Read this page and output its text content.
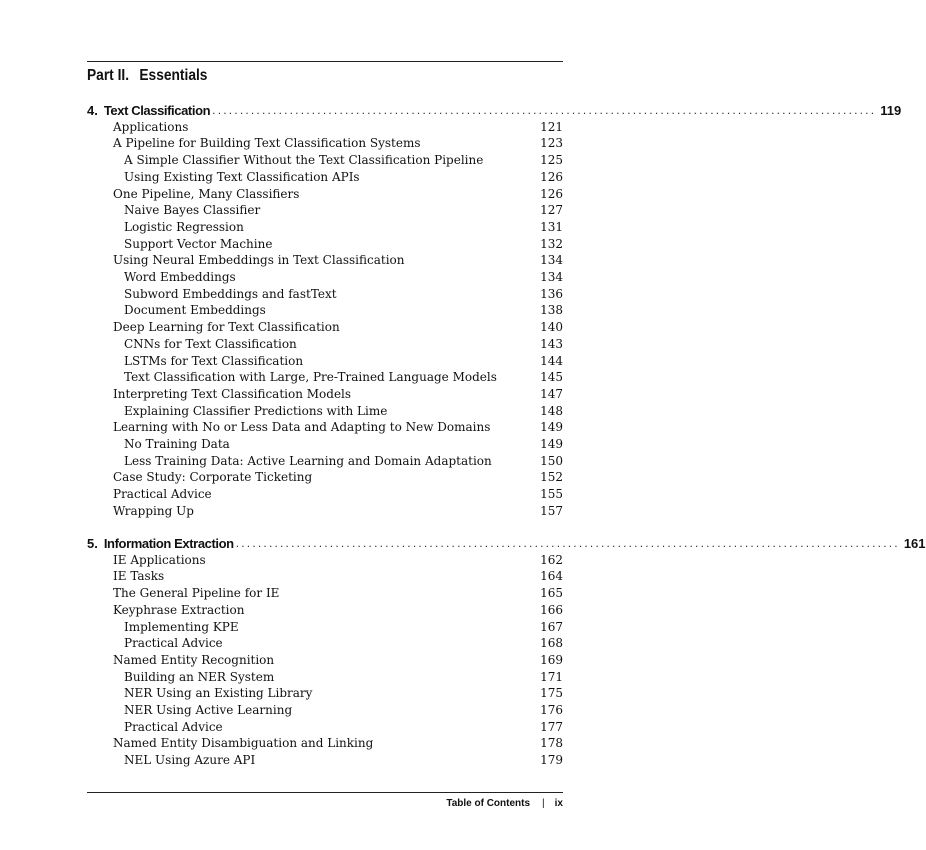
Part II. Essentials
4. Text Classification ........................................................................................................................ 119
Applications	121
A Pipeline for Building Text Classification Systems	123
A Simple Classifier Without the Text Classification Pipeline	125
Using Existing Text Classification APIs	126
One Pipeline, Many Classifiers	126
Naive Bayes Classifier	127
Logistic Regression	131
Support Vector Machine	132
Using Neural Embeddings in Text Classification	134
Word Embeddings	134
Subword Embeddings and fastText	136
Document Embeddings	138
Deep Learning for Text Classification	140
CNNs for Text Classification	143
LSTMs for Text Classification	144
Text Classification with Large, Pre-Trained Language Models	145
Interpreting Text Classification Models	147
Explaining Classifier Predictions with Lime	148
Learning with No or Less Data and Adapting to New Domains	149
No Training Data	149
Less Training Data: Active Learning and Domain Adaptation	150
Case Study: Corporate Ticketing	152
Practical Advice	155
Wrapping Up	157
5. Information Extraction ........................................................................................................................ 161
IE Applications	162
IE Tasks	164
The General Pipeline for IE	165
Keyphrase Extraction	166
Implementing KPE	167
Practical Advice	168
Named Entity Recognition	169
Building an NER System	171
NER Using an Existing Library	175
NER Using Active Learning	176
Practical Advice	177
Named Entity Disambiguation and Linking	178
NEL Using Azure API	179
Table of Contents | ix
